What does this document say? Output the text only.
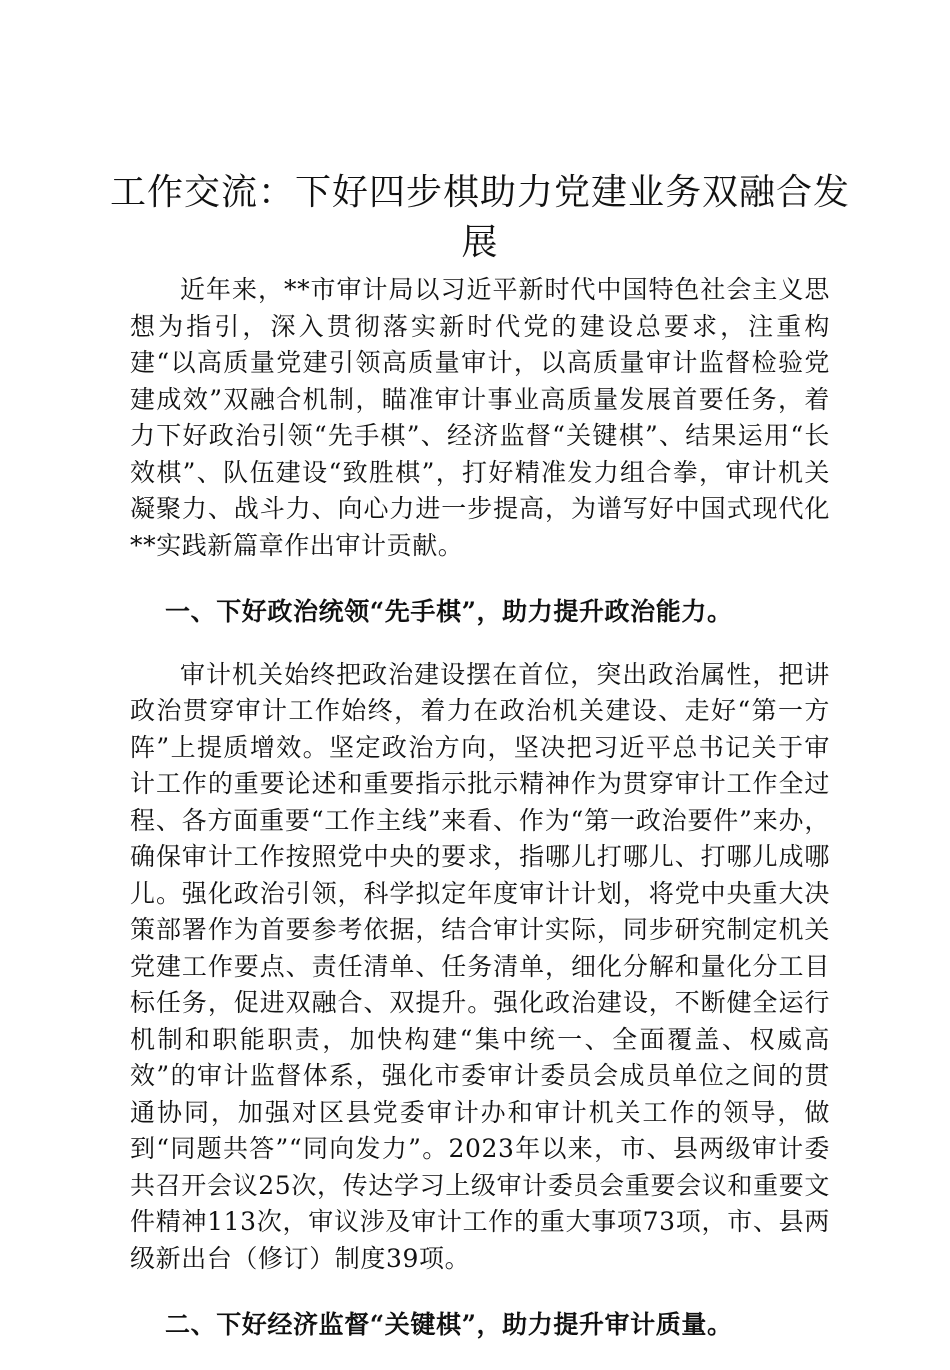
工作交流：下好四步棋助力党建业务双融合发展

近年来，**市审计局以习近平新时代中国特色社会主义思想为指引，深入贯彻落实新时代党的建设总要求，注重构建“以高质量党建引领高质量审计，以高质量审计监督检验党建成效”双融合机制，瞄准审计事业高质量发展首要任务，着力下好政治引领“先手棋”、经济监督“关键棋”、结果运用“长效棋”、队伍建设“致胜棋”，打好精准发力组合拳，审计机关凝聚力、战斗力、向心力进一步提高，为谱写好中国式现代化**实践新篇章作出审计贡献。

一、下好政治统领“先手棋”，助力提升政治能力。

审计机关始终把政治建设摆在首位，突出政治属性，把讲政治贯穿审计工作始终，着力在政治机关建设、走好“第一方阵”上提质增效。坚定政治方向，坚决把习近平总书记关于审计工作的重要论述和重要指示批示精神作为贯穿审计工作全过程、各方面重要“工作主线”来看、作为“第一政治要件”来办，确保审计工作按照党中央的要求，指哪儿打哪儿、打哪儿成哪儿。强化政治引领，科学拟定年度审计计划，将党中央重大决策部署作为首要参考依据，结合审计实际，同步研究制定机关党建工作要点、责任清单、任务清单，细化分解和量化分工目标任务，促进双融合、双提升。强化政治建设，不断健全运行机制和职能职责，加快构建“集中统一、全面覆盖、权威高效”的审计监督体系，强化市委审计委员会成员单位之间的贯通协同，加强对区县党委审计办和审计机关工作的领导，做到“同题共答”“同向发力”。2023年以来，市、县两级审计委共召开会议25次，传达学习上级审计委员会重要会议和重要文件精神113次，审议涉及审计工作的重大事项73项，市、县两级新出台（修订）制度39项。

二、下好经济监督“关键棋”，助力提升审计质量。
